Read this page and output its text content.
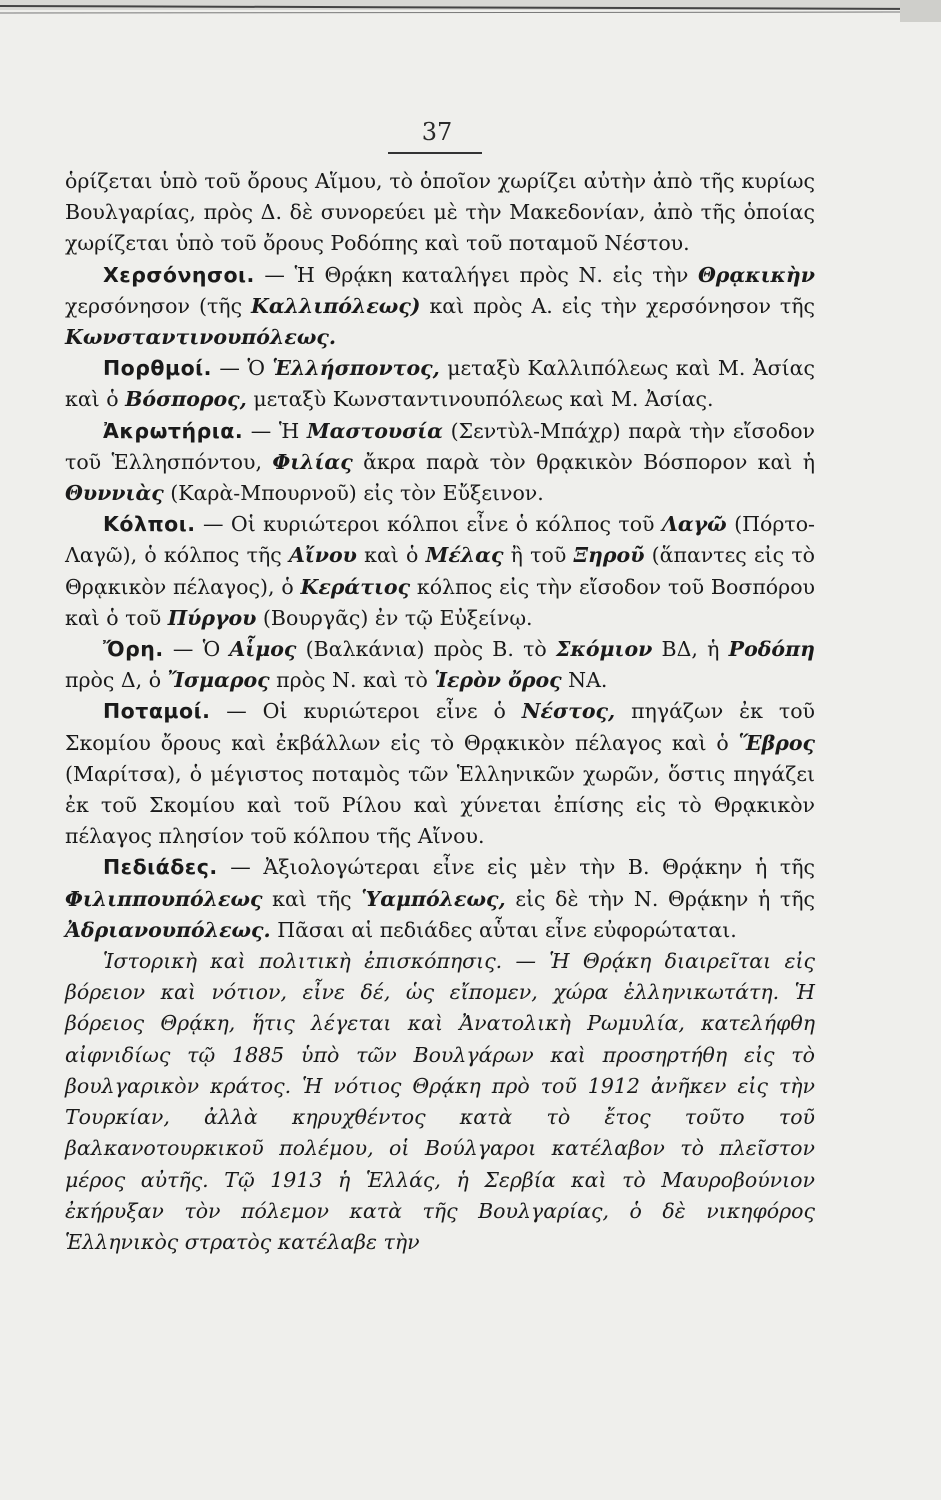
37

ὁρίζεται ὑπὸ τοῦ ὄρους Αἵμου, τὸ ὁποῖον χωρίζει αὐτὴν ἀπὸ τῆς κυρίως Βουλγαρίας, πρὸς Δ. δὲ συνορεύει μὲ τὴν Μακεδονίαν, ἀπὸ τῆς ὁποίας χωρίζεται ὑπὸ τοῦ ὄρους Ροδόπης καὶ τοῦ ποταμοῦ Νέστου.

Χερσόνησοι. — Ἡ Θρᾴκη καταλήγει πρὸς Ν. εἰς τὴν Θρᾳκικὴν χερσόνησον (τῆς Καλλιπόλεως) καὶ πρὸς Α. εἰς τὴν χερσόνησον τῆς Κωνσταντινουπόλεως.

Πορθμοί. — Ὁ Ἑλλήσποντος, μεταξὺ Καλλιπόλεως καὶ Μ. Ἀσίας καὶ ὁ Βόσπορος, μεταξὺ Κωνσταντινουπόλεως καὶ Μ. Ἀσίας.

Ἀκρωτήρια. — Ἡ Μαστουσία (Σεντὺλ-Μπάχρ) παρὰ τὴν εἴσοδον τοῦ Ἑλλησπόντου, Φιλίας ἄκρα παρὰ τὸν θρᾳκικὸν Βόσπορον καὶ ἡ Θυννιὰς (Καρὰ-Μπουρνοῦ) εἰς τὸν Εὔξεινον.

Κόλποι. — Οἱ κυριώτεροι κόλποι εἶνε ὁ κόλπος τοῦ Λαγῶ (Πόρτο-Λαγῶ), ὁ κόλπος τῆς Αἴνου καὶ ὁ Μέλας ἢ τοῦ Ξηροῦ (ἅπαντες εἰς τὸ Θρᾳκικὸν πέλαγος), ὁ Κεράτιος κόλπος εἰς τὴν εἴσοδον τοῦ Βοσπόρου καὶ ὁ τοῦ Πύργου (Βουργᾶς) ἐν τῷ Εὐξείνῳ.

Ὄρη. — Ὁ Αἷμος (Βαλκάνια) πρὸς Β. τὸ Σκόμιον ΒΔ, ἡ Ροδόπη πρὸς Δ, ὁ Ἴσμαρος πρὸς Ν. καὶ τὸ Ἱερὸν ὄρος ΝΑ.

Ποταμοί. — Οἱ κυριώτεροι εἶνε ὁ Νέστος, πηγάζων ἐκ τοῦ Σκομίου ὄρους καὶ ἐκβάλλων εἰς τὸ Θρᾳκικὸν πέλαγος καὶ ὁ Ἕβρος (Μαρίτσα), ὁ μέγιστος ποταμὸς τῶν Ἑλληνικῶν χωρῶν, ὅστις πηγάζει ἐκ τοῦ Σκομίου καὶ τοῦ Ρίλου καὶ χύνεται ἐπίσης εἰς τὸ Θρᾳκικὸν πέλαγος πλησίον τοῦ κόλπου τῆς Αἴνου.

Πεδιάδες. — Ἀξιολογώτεραι εἶνε εἰς μὲν τὴν Β. Θρᾴκην ἡ τῆς Φιλιππουπόλεως καὶ τῆς Ὑαμπόλεως, εἰς δὲ τὴν Ν. Θρᾴκην ἡ τῆς Ἀδριανουπόλεως. Πᾶσαι αἱ πεδιάδες αὗται εἶνε εὐφορώταται.

Ἱστορικὴ καὶ πολιτικὴ ἐπισκόπησις. — Ἡ Θρᾴκη διαιρεῖται εἰς βόρειον καὶ νότιον, εἶνε δέ, ὡς εἴπομεν, χώρα ἑλληνικωτάτη. Ἡ βόρειος Θρᾴκη, ἥτις λέγεται καὶ Ἀνατολικὴ Ρωμυλία, κατελήφθη αἰφνιδίως τῷ 1885 ὑπὸ τῶν Βουλγάρων καὶ προσηρτήθη εἰς τὸ βουλγαρικὸν κράτος. Ἡ νότιος Θρᾴκη πρὸ τοῦ 1912 ἀνῆκεν εἰς τὴν Τουρκίαν, ἀλλὰ κηρυχθέντος κατὰ τὸ ἔτος τοῦτο τοῦ βαλκανοτουρκικοῦ πολέμου, οἱ Βούλγαροι κατέλαβον τὸ πλεῖστον μέρος αὐτῆς. Τῷ 1913 ἡ Ἑλλάς, ἡ Σερβία καὶ τὸ Μαυροβούνιον ἐκήρυξαν τὸν πόλεμον κατὰ τῆς Βουλγαρίας, ὁ δὲ νικηφόρος Ἑλληνικὸς στρατὸς κατέλαβε τὴν
